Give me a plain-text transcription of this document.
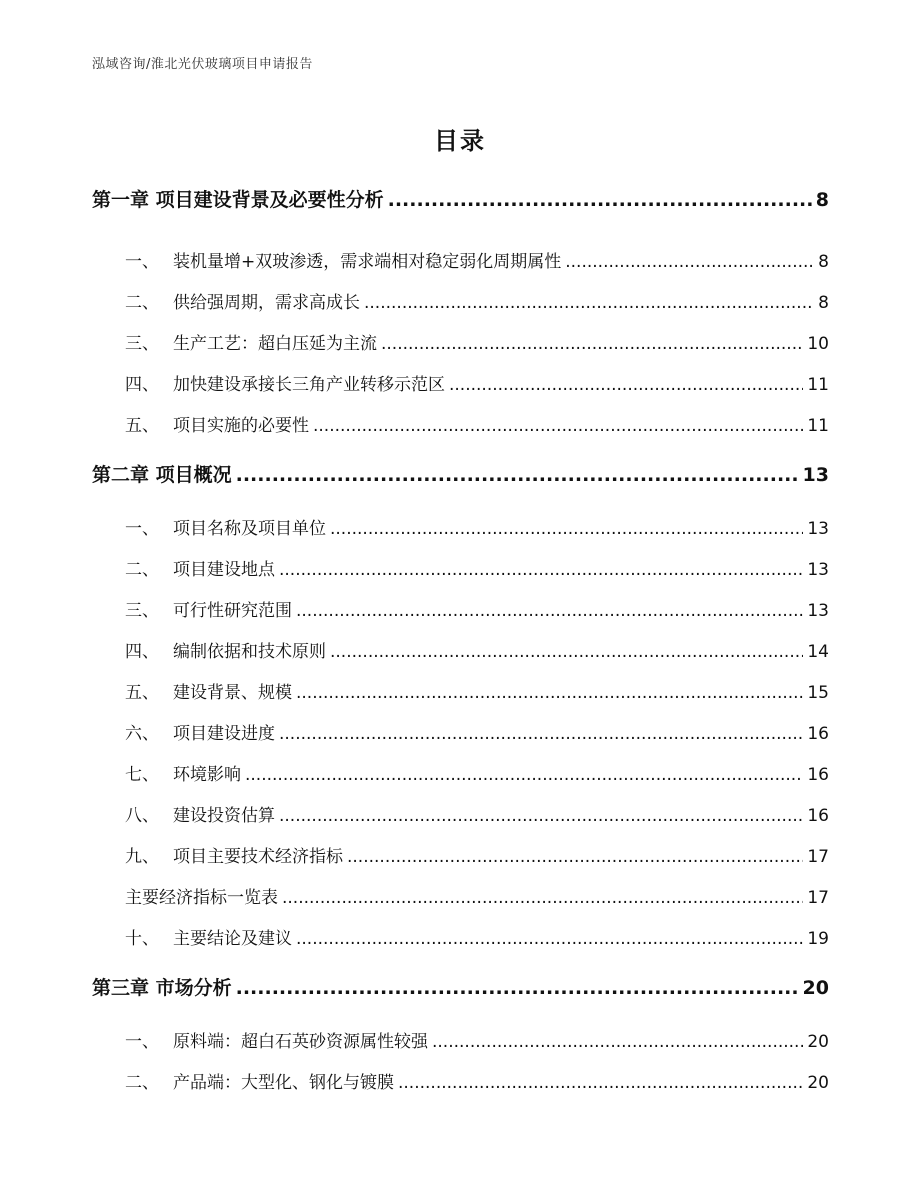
泓域咨询/淮北光伏玻璃项目申请报告
目录
第一章 项目建设背景及必要性分析 .....	8
一、 装机量增+双玻渗透，需求端相对稳定弱化周期属性 .....	8
二、 供给强周期，需求高成长 .....	8
三、 生产工艺：超白压延为主流 .....	10
四、 加快建设承接长三角产业转移示范区 .....	11
五、 项目实施的必要性 .....	11
第二章 项目概况 .....	13
一、 项目名称及项目单位 .....	13
二、 项目建设地点 .....	13
三、 可行性研究范围 .....	13
四、 编制依据和技术原则 .....	14
五、 建设背景、规模 .....	15
六、 项目建设进度 .....	16
七、 环境影响 .....	16
八、 建设投资估算 .....	16
九、 项目主要技术经济指标 .....	17
主要经济指标一览表 .....	17
十、 主要结论及建议 .....	19
第三章 市场分析 .....	20
一、 原料端：超白石英砂资源属性较强 .....	20
二、 产品端：大型化、钢化与镀膜 .....	20
